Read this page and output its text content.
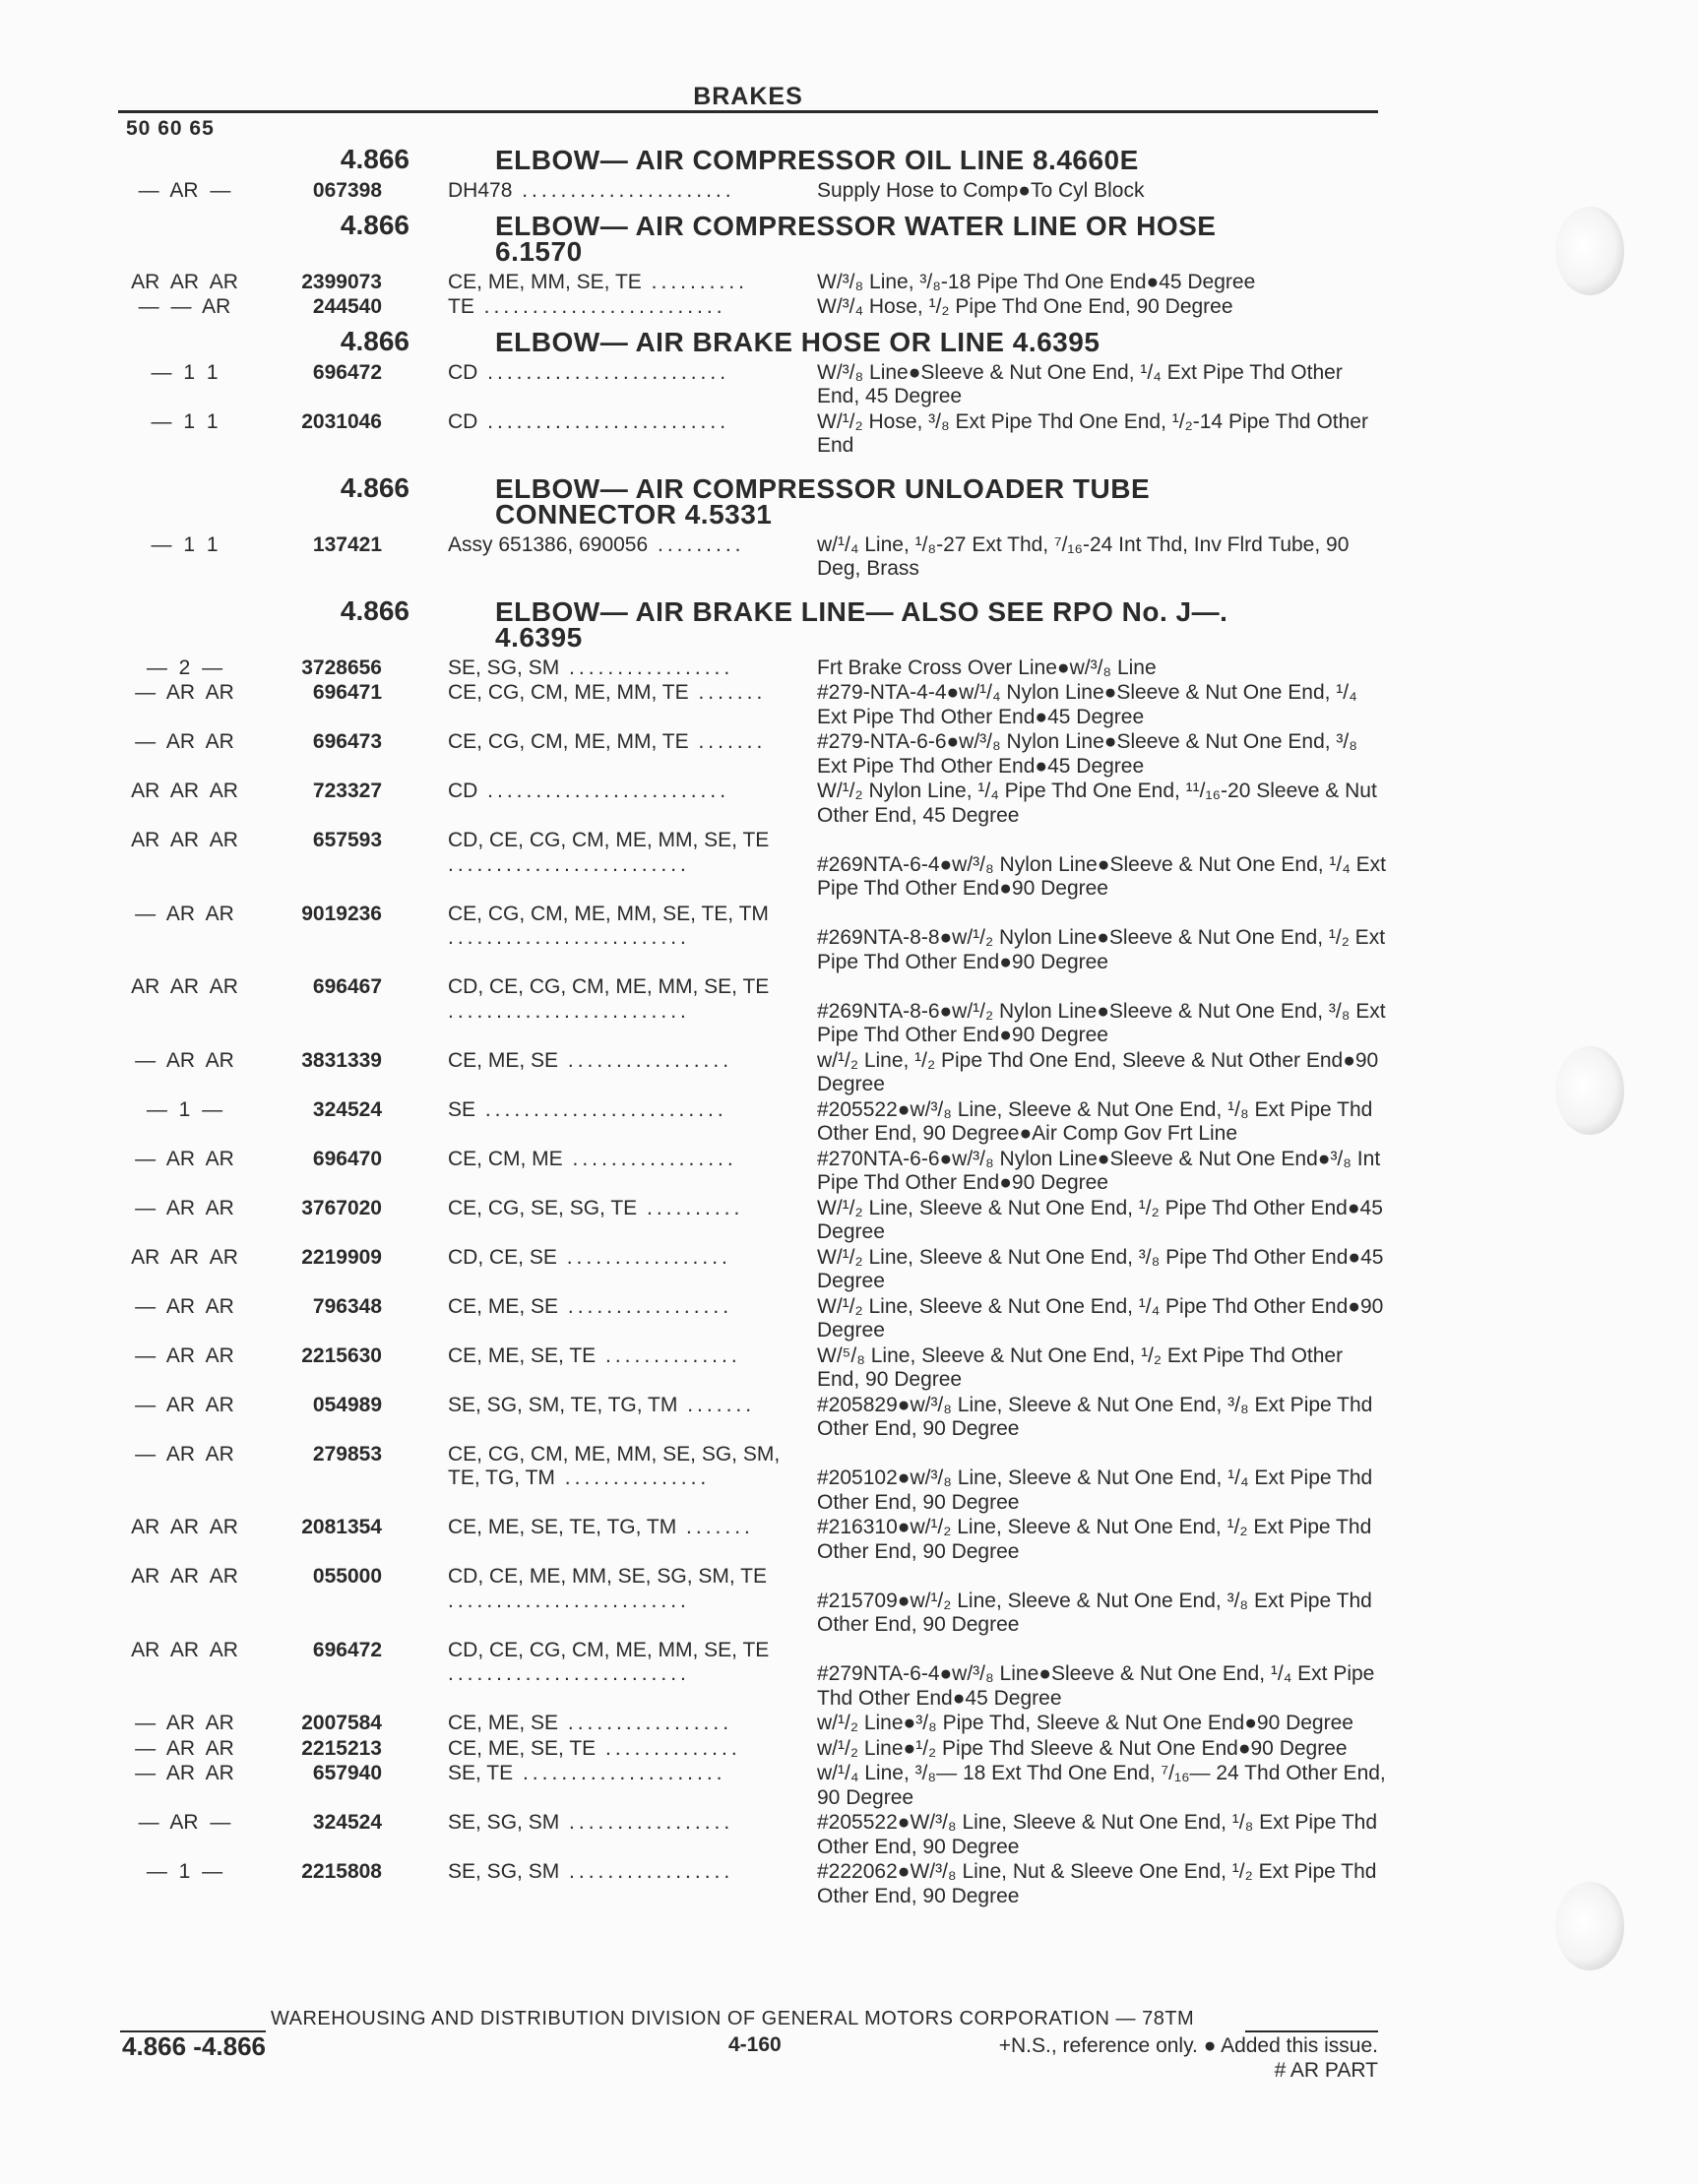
BRAKES
50 60 65
4.866	ELBOW— AIR COMPRESSOR OIL LINE 8.4660E
— AR —	067398	DH478 ......................	Supply Hose to Comp●To Cyl Block
4.866	ELBOW— AIR COMPRESSOR WATER LINE OR HOSE 6.1570
AR AR AR	2399073	CE, ME, MM, SE, TE ..........	W/³/₈ Line, ³/₈-18 Pipe Thd One End●45 Degree
— — AR	244540	TE .........................	W/³/₄ Hose, ¹/₂ Pipe Thd One End, 90 Degree
4.866	ELBOW— AIR BRAKE HOSE OR LINE 4.6395
— 1 1	696472	CD .........................	W/³/₈ Line●Sleeve & Nut One End, ¹/₄ Ext Pipe Thd Other End, 45 Degree
— 1 1	2031046	CD .........................	W/¹/₂ Hose, ³/₈ Ext Pipe Thd One End, ¹/₂-14 Pipe Thd Other End
4.866	ELBOW— AIR COMPRESSOR UNLOADER TUBE CONNECTOR 4.5331
— 1 1	137421	Assy 651386, 690056 .........	w/¹/₄ Line, ¹/₈-27 Ext Thd, ⁷/₁₆-24 Int Thd, Inv Flrd Tube, 90 Deg, Brass
4.866	ELBOW— AIR BRAKE LINE— ALSO SEE RPO No. J—. 4.6395
— 2 —	3728656	SE, SG, SM .................	Frt Brake Cross Over Line●w/³/₈ Line
— AR AR	696471	CE, CG, CM, ME, MM, TE .......	#279-NTA-4-4●w/¹/₄ Nylon Line●Sleeve & Nut One End, ¹/₄ Ext Pipe Thd Other End●45 Degree
— AR AR	696473	CE, CG, CM, ME, MM, TE .......	#279-NTA-6-6●w/³/₈ Nylon Line●Sleeve & Nut One End, ³/₈ Ext Pipe Thd Other End●45 Degree
AR AR AR	723327	CD .........................	W/¹/₂ Nylon Line, ¹/₄ Pipe Thd One End, ¹¹/₁₆-20 Sleeve & Nut Other End, 45 Degree
AR AR AR	657593	CD, CE, CG, CM, ME, MM, SE, TE .........................	#269NTA-6-4●w/³/₈ Nylon Line●Sleeve & Nut One End, ¹/₄ Ext Pipe Thd Other End●90 Degree
— AR AR	9019236	CE, CG, CM, ME, MM, SE, TE, TM .........................	#269NTA-8-8●w/¹/₂ Nylon Line●Sleeve & Nut One End, ¹/₂ Ext Pipe Thd Other End●90 Degree
AR AR AR	696467	CD, CE, CG, CM, ME, MM, SE, TE .........................	#269NTA-8-6●w/¹/₂ Nylon Line●Sleeve & Nut One End, ³/₈ Ext Pipe Thd Other End●90 Degree
— AR AR	3831339	CE, ME, SE .................	w/¹/₂ Line, ¹/₂ Pipe Thd One End, Sleeve & Nut Other End●90 Degree
— 1 —	324524	SE .........................	#205522●w/³/₈ Line, Sleeve & Nut One End, ¹/₈ Ext Pipe Thd Other End, 90 Degree●Air Comp Gov Frt Line
— AR AR	696470	CE, CM, ME .................	#270NTA-6-6●w/³/₈ Nylon Line●Sleeve & Nut One End●³/₈ Int Pipe Thd Other End●90 Degree
— AR AR	3767020	CE, CG, SE, SG, TE ..........	W/¹/₂ Line, Sleeve & Nut One End, ¹/₂ Pipe Thd Other End●45 Degree
AR AR AR	2219909	CD, CE, SE .................	W/¹/₂ Line, Sleeve & Nut One End, ³/₈ Pipe Thd Other End●45 Degree
— AR AR	796348	CE, ME, SE .................	W/¹/₂ Line, Sleeve & Nut One End, ¹/₄ Pipe Thd Other End●90 Degree
— AR AR	2215630	CE, ME, SE, TE ..............	W/⁵/₈ Line, Sleeve & Nut One End, ¹/₂ Ext Pipe Thd Other End, 90 Degree
— AR AR	054989	SE, SG, SM, TE, TG, TM .......	#205829●w/³/₈ Line, Sleeve & Nut One End, ³/₈ Ext Pipe Thd Other End, 90 Degree
— AR AR	279853	CE, CG, CM, ME, MM, SE, SG, SM, TE, TG, TM ...............	#205102●w/³/₈ Line, Sleeve & Nut One End, ¹/₄ Ext Pipe Thd Other End, 90 Degree
AR AR AR	2081354	CE, ME, SE, TE, TG, TM .......	#216310●w/¹/₂ Line, Sleeve & Nut One End, ¹/₂ Ext Pipe Thd Other End, 90 Degree
AR AR AR	055000	CD, CE, ME, MM, SE, SG, SM, TE .........................	#215709●w/¹/₂ Line, Sleeve & Nut One End, ³/₈ Ext Pipe Thd Other End, 90 Degree
AR AR AR	696472	CD, CE, CG, CM, ME, MM, SE, TE .........................	#279NTA-6-4●w/³/₈ Line●Sleeve & Nut One End, ¹/₄ Ext Pipe Thd Other End●45 Degree
— AR AR	2007584	CE, ME, SE .................	w/¹/₂ Line●³/₈ Pipe Thd, Sleeve & Nut One End●90 Degree
— AR AR	2215213	CE, ME, SE, TE ..............	w/¹/₂ Line●¹/₂ Pipe Thd Sleeve & Nut One End●90 Degree
— AR AR	657940	SE, TE .....................	w/¹/₄ Line, ³/₈— 18 Ext Thd One End, ⁷/₁₆— 24 Thd Other End, 90 Degree
— AR —	324524	SE, SG, SM .................	#205522●W/³/₈ Line, Sleeve & Nut One End, ¹/₈ Ext Pipe Thd Other End, 90 Degree
— 1 —	2215808	SE, SG, SM .................	#222062●W/³/₈ Line, Nut & Sleeve One End, ¹/₂ Ext Pipe Thd Other End, 90 Degree
WAREHOUSING AND DISTRIBUTION DIVISION OF GENERAL MOTORS CORPORATION — 78TM
4.866 -4.866	4-160	+N.S., reference only. ● Added this issue.
# AR PART
